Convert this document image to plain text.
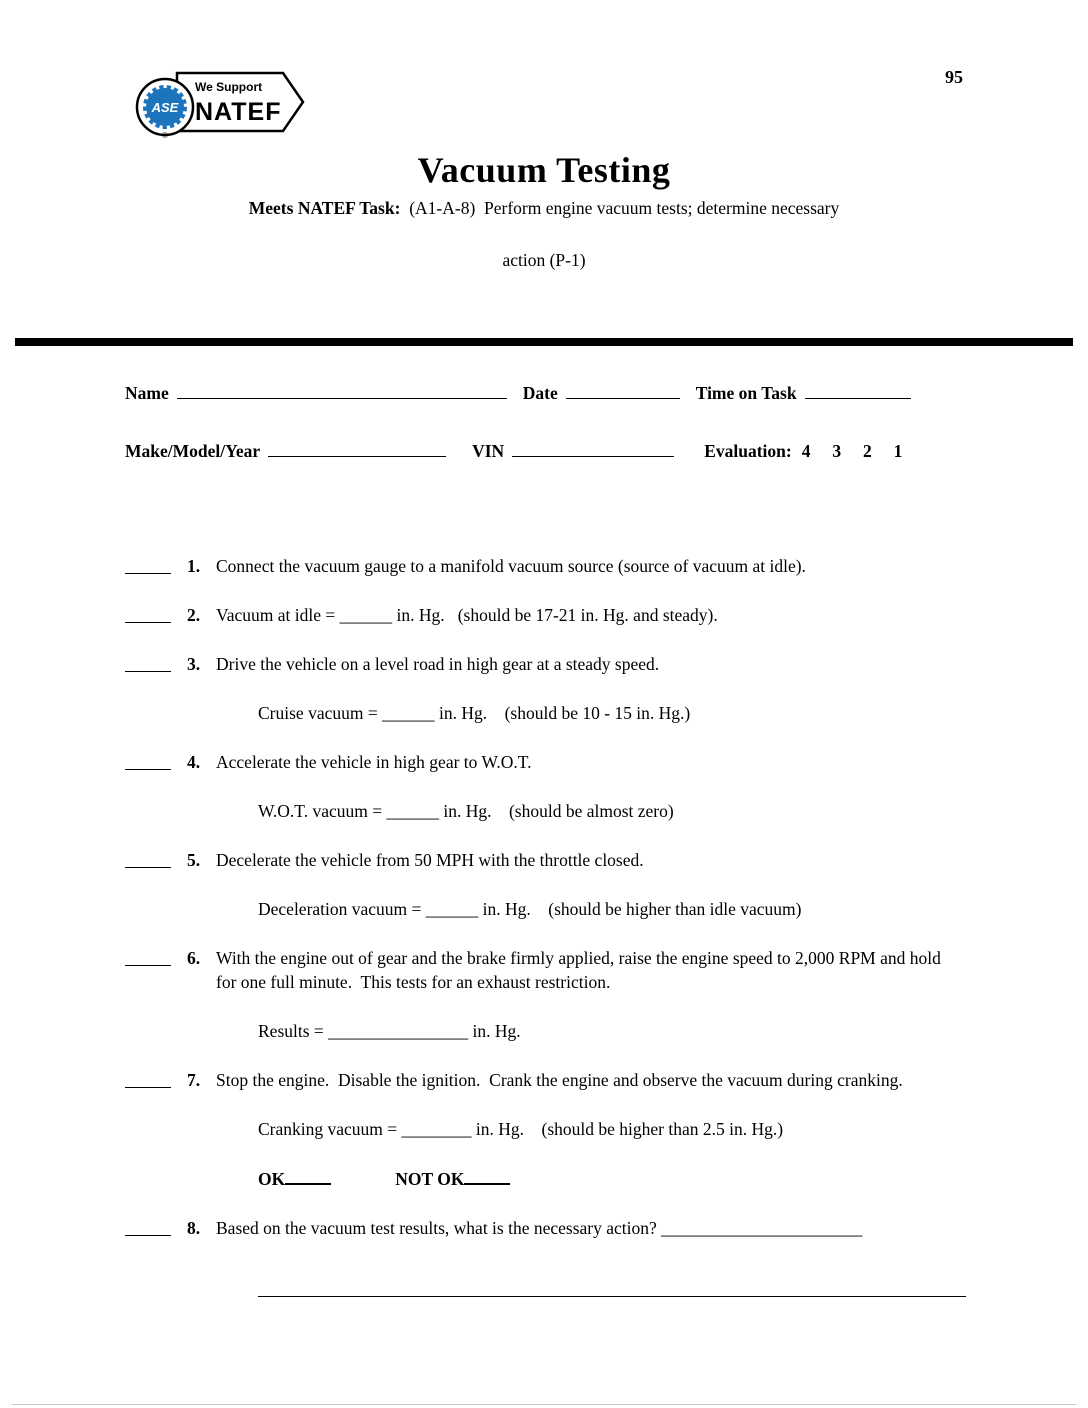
ASE
We Support
NATEF
®
95
Vacuum Testing
Meets NATEF Task:  (A1-A-8)  Perform engine vacuum tests; determine necessary

action (P-1)

Name	Date	Time on Task
Make/Model/Year	VIN	Evaluation: 4     3     2     1
1. Connect the vacuum gauge to a manifold vacuum source (source of vacuum at idle).
2. Vacuum at idle = ______ in. Hg.   (should be 17-21 in. Hg. and steady).
3. Drive the vehicle on a level road in high gear at a steady speed.
Cruise vacuum = ______ in. Hg.    (should be 10 - 15 in. Hg.)
4. Accelerate the vehicle in high gear to W.O.T.
W.O.T. vacuum = ______ in. Hg.    (should be almost zero)
5. Decelerate the vehicle from 50 MPH with the throttle closed.
Deceleration vacuum = ______ in. Hg.    (should be higher than idle vacuum)
6. With the engine out of gear and the brake firmly applied, raise the engine speed to 2,000 RPM and hold for one full minute.  This tests for an exhaust restriction.
Results = ________________ in. Hg.
7. Stop the engine.  Disable the ignition.  Crank the engine and observe the vacuum during cranking.
Cranking vacuum = ________ in. Hg.    (should be higher than 2.5 in. Hg.)
OK	NOT OK
8. Based on the vacuum test results, what is the necessary action? _______________________
